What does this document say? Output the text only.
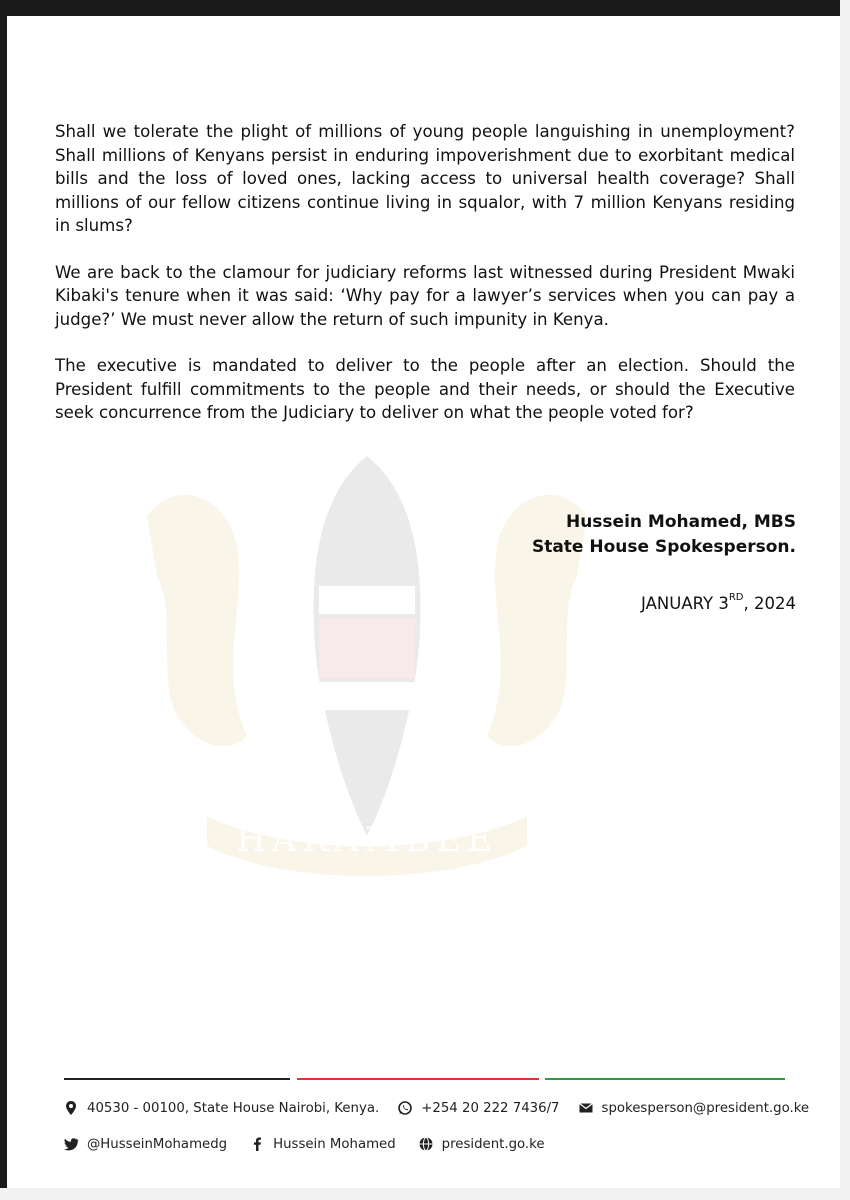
HARAMBEE

Shall we tolerate the plight of millions of young people languishing in unemployment? Shall millions of Kenyans persist in enduring impoverishment due to exorbitant medical bills and the loss of loved ones, lacking access to universal health coverage? Shall millions of our fellow citizens continue living in squalor, with 7 million Kenyans residing in slums?

We are back to the clamour for judiciary reforms last witnessed during President Mwaki Kibaki's tenure when it was said: ‘Why pay for a lawyer’s services when you can pay a judge?’ We must never allow the return of such impunity in Kenya.

The executive is mandated to deliver to the people after an election. Should the President fulfill commitments to the people and their needs, or should the Executive seek concurrence from the Judiciary to deliver on what the people voted for?

Hussein Mohamed, MBS
State House Spokesperson.
JANUARY 3RD, 2024
40530 - 00100, State House Nairobi, Kenya.	+254 20 222 7436/7	spokesperson@president.go.ke
@HusseinMohamedg	Hussein Mohamed	president.go.ke
